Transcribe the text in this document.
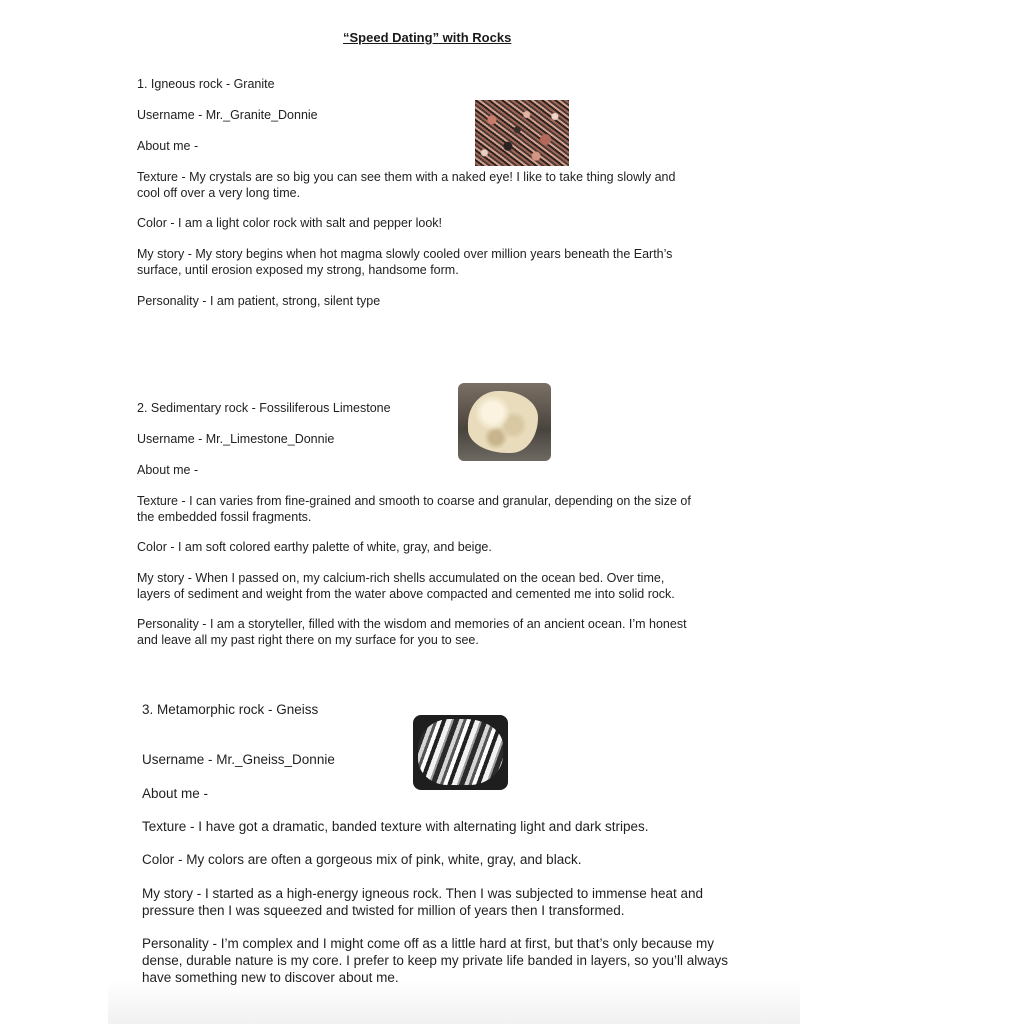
“Speed Dating” with Rocks
1. Igneous rock - Granite
Username - Mr._Granite_Donnie
About me -
Texture - My crystals are so big you can see them with a naked eye! I like to take thing slowly and
cool off over a very long time.
Color - I am a light color rock with salt and pepper look!
My story - My story begins when hot magma slowly cooled over million years beneath the Earth’s
surface, until erosion exposed my strong, handsome form.
Personality - I am patient, strong, silent type
2. Sedimentary rock - Fossiliferous Limestone
Username - Mr._Limestone_Donnie
About me -
Texture - I can varies from fine-grained and smooth to coarse and granular, depending on the size of
the embedded fossil fragments.
Color - I am soft colored earthy palette of white, gray, and beige.
My story - When I passed on, my calcium-rich shells accumulated on the ocean bed. Over time,
layers of sediment and weight from the water above compacted and cemented me into solid rock.
Personality - I am a storyteller, filled with the wisdom and memories of an ancient ocean. I’m honest
and leave all my past right there on my surface for you to see.
3. Metamorphic rock - Gneiss
Username - Mr._Gneiss_Donnie
About me -
Texture - I have got a dramatic, banded texture with alternating light and dark stripes.
Color - My colors are often a gorgeous mix of pink, white, gray, and black.
My story - I started as a high-energy igneous rock. Then I was subjected to immense heat and
pressure then I was squeezed and twisted for million of years then I transformed.
Personality - I’m complex and I might come off as a little hard at first, but that’s only because my
dense, durable nature is my core. I prefer to keep my private life banded in layers, so you’ll always
have something new to discover about me.
